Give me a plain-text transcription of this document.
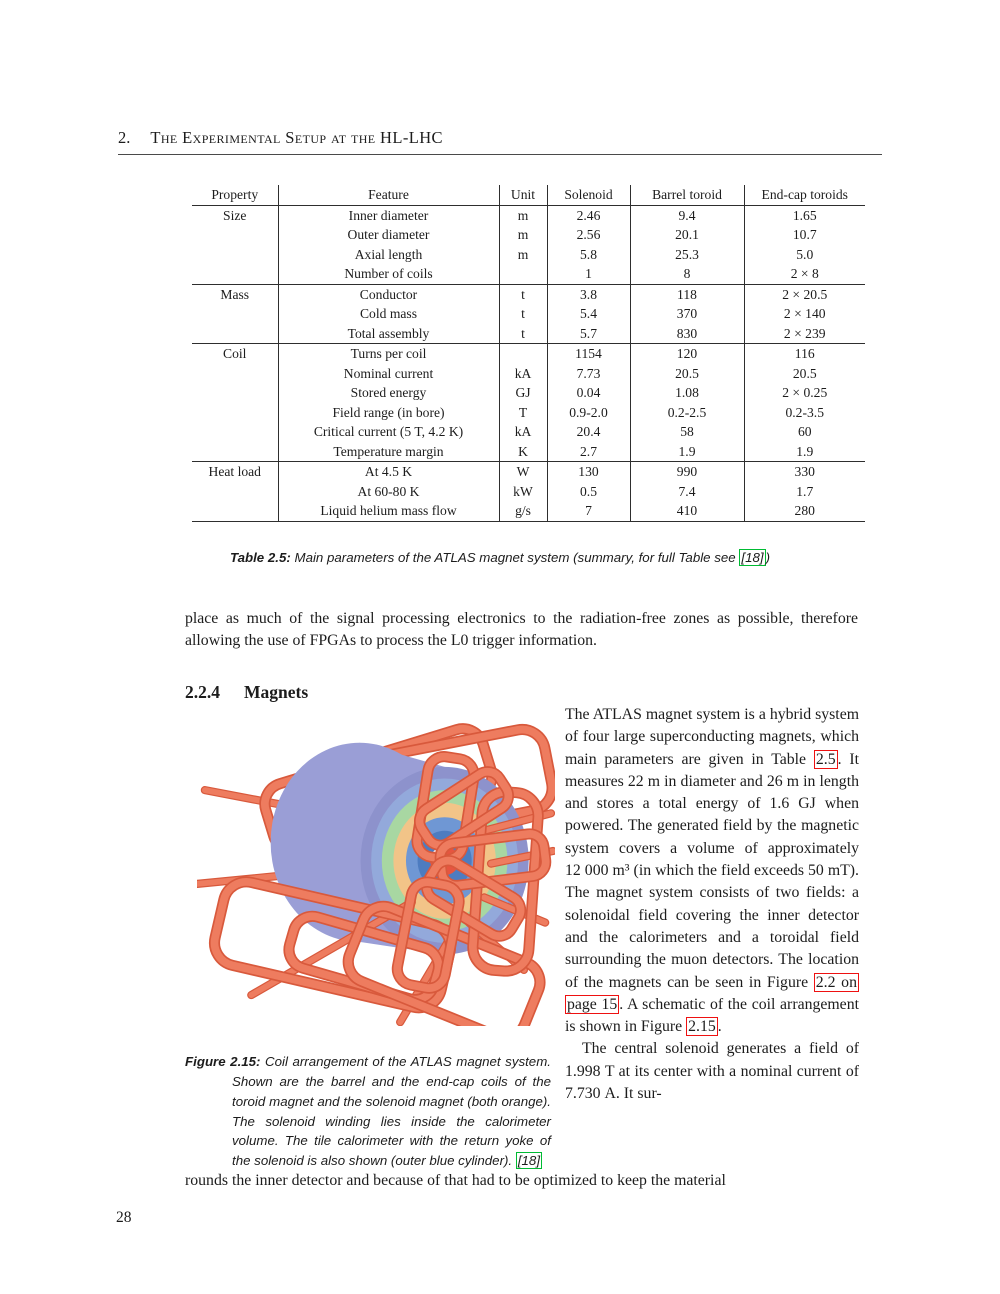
2. The Experimental Setup at the HL-LHC
Property	Feature	Unit	Solenoid	Barrel toroid	End-cap toroids
Size	Inner diameter	m	2.46	9.4	1.65
	Outer diameter	m	2.56	20.1	10.7
	Axial length	m	5.8	25.3	5.0
	Number of coils		1	8	2 × 8
Mass	Conductor	t	3.8	118	2 × 20.5
	Cold mass	t	5.4	370	2 × 140
	Total assembly	t	5.7	830	2 × 239
Coil	Turns per coil		1154	120	116
	Nominal current	kA	7.73	20.5	20.5
	Stored energy	GJ	0.04	1.08	2 × 0.25
	Field range (in bore)	T	0.9-2.0	0.2-2.5	0.2-3.5
	Critical current (5 T, 4.2 K)	kA	20.4	58	60
	Temperature margin	K	2.7	1.9	1.9
Heat load	At 4.5 K	W	130	990	330
	At 60-80 K	kW	0.5	7.4	1.7
	Liquid helium mass flow	g/s	7	410	280

Table 2.5: Main parameters of the ATLAS magnet system (summary, for full Table see [18] )

place as much of the signal processing electronics to the radiation-free zones as possible, therefore allowing the use of FPGAs to process the L0 trigger information.

2.2.4 Magnets

Figure 2.15: Coil arrangement of the ATLAS magnet system. Shown are the barrel and the end-cap coils of the toroid magnet and the solenoid magnet (both orange). The solenoid winding lies inside the calorimeter volume. The tile calorimeter with the return yoke of the solenoid is also shown (outer blue cylinder). [18]

The ATLAS magnet system is a hybrid system of four large superconducting magnets, which main parameters are given in Table 2.5 . It measures 22 m in diameter and 26 m in length and stores a total energy of 1.6 GJ when powered. The generated field by the magnetic system covers a volume of approximately 12 000 m³ (in which the field exceeds 50 mT). The magnet system consists of two fields: a solenoidal field covering the inner detector and the calorimeters and a toroidal field surrounding the muon detectors. The location of the magnets can be seen in Figure 2.2 on page 15 . A schematic of the coil arrangement is shown in Figure 2.15 .

The central solenoid generates a field of 1.998 T at its center with a nominal current of 7.730 A. It sur-

rounds the inner detector and because of that had to be optimized to keep the material

28
